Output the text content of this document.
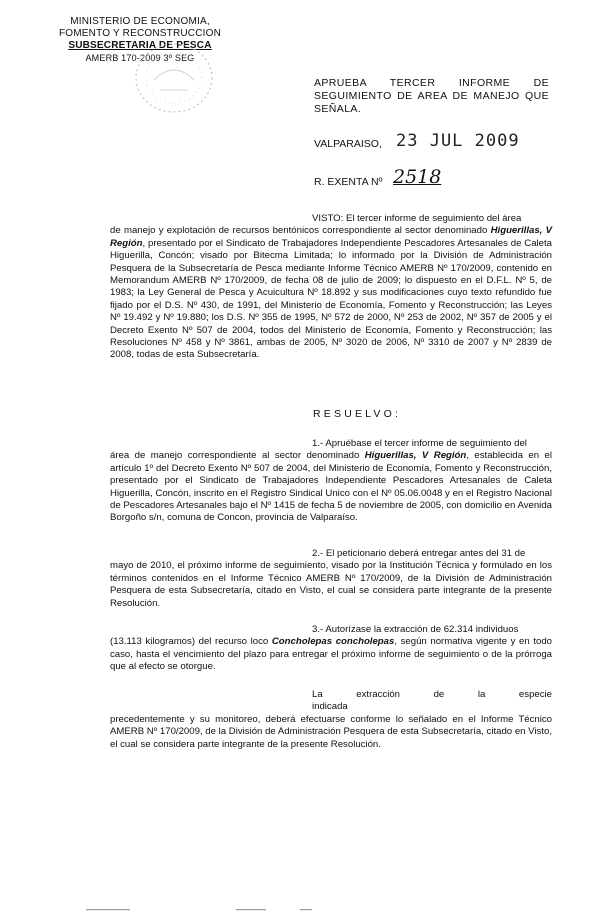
MINISTERIO DE ECONOMIA,
FOMENTO Y RECONSTRUCCION
SUBSECRETARIA DE PESCA
AMERB 170-2009 3º SEG
APRUEBA TERCER INFORME DE SEGUIMIENTO DE AREA DE MANEJO QUE SEÑALA.
VALPARAISO, 23 JUL 2009
R. EXENTA Nº 2518
VISTO: El tercer informe de seguimiento del área
de manejo y explotación de recursos bentónicos correspondiente al sector denominado Higuerillas, V Región, presentado por el Sindicato de Trabajadores Independiente Pescadores Artesanales de Caleta Higuerilla, Concón; visado por Bitecma Limitada; lo informado por la División de Administración Pesquera de la Subsecretaría de Pesca mediante Informe Técnico AMERB Nº 170/2009, contenido en Memorandum AMERB Nº 170/2009, de fecha 08 de julio de 2009; lo dispuesto en el D.F.L. Nº 5, de 1983; la Ley General de Pesca y Acuicultura Nº 18.892 y sus modificaciones cuyo texto refundido fue fijado por el D.S. Nº 430, de 1991, del Ministerio de Economía, Fomento y Reconstrucción; las Leyes Nº 19.492 y Nº 19.880; los D.S. Nº 355 de 1995, Nº 572 de 2000, Nº 253 de 2002, Nº 357 de 2005 y el Decreto Exento Nº 507 de 2004, todos del Ministerio de Economía, Fomento y Reconstrucción; las Resoluciones Nº 458 y Nº 3861, ambas de 2005, Nº 3020 de 2006, Nº 3310 de 2007 y Nº 2839 de 2008, todas de esta Subsecretaría.
RESUELVO:
1.- Apruébase el tercer informe de seguimiento del
área de manejo correspondiente al sector denominado Higuerillas, V Región, establecida en el artículo 1º del Decreto Exento Nº 507 de 2004, del Ministerio de Economía, Fomento y Reconstrucción, presentado por el Sindicato de Trabajadores Independiente Pescadores Artesanales de Caleta Higuerilla, Concón, inscrito en el Registro Sindical Unico con el Nº 05.06.0048 y en el Registro Nacional de Pescadores Artesanales bajo el Nº 1415 de fecha 5 de noviembre de 2005, con domicilio en Avenida Borgoño s/n, comuna de Concon, provincia de Valparaíso.
2.- El peticionario deberá entregar antes del 31 de
mayo de 2010, el próximo informe de seguimiento, visado por la Institución Técnica y formulado en los términos contenidos en el Informe Técnico AMERB Nº 170/2009, de la División de Administración Pesquera de esta Subsecretaría, citado en Visto, el cual se considera parte integrante de la presente Resolución.
3.- Autorízase la extracción de 62.314 individuos
(13.113 kilogramos) del recurso loco Concholepas concholepas, según normativa vigente y en todo caso, hasta el vencimiento del plazo para entregar el próximo informe de seguimiento o de la prórroga que al efecto se otorgue.
La extracción de la especie indicada
precedentemente y su monitoreo, deberá efectuarse conforme lo señalado en el Informe Técnico AMERB Nº 170/2009, de la División de Administración Pesquera de esta Subsecretaría, citado en Visto, el cual se considera parte integrante de la presente Resolución.
